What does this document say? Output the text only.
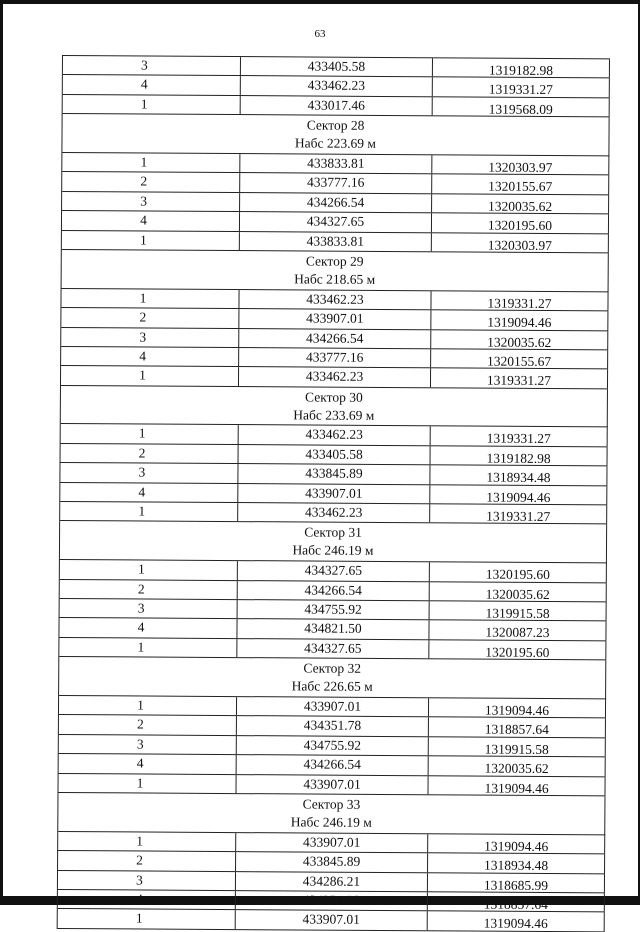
63
3	433405.58	1319182.98
4	433462.23	1319331.27
1	433017.46	1319568.09
Сектор 28
Набс 223.69 м
1	433833.81	1320303.97
2	433777.16	1320155.67
3	434266.54	1320035.62
4	434327.65	1320195.60
1	433833.81	1320303.97
Сектор 29
Набс 218.65 м
1	433462.23	1319331.27
2	433907.01	1319094.46
3	434266.54	1320035.62
4	433777.16	1320155.67
1	433462.23	1319331.27
Сектор 30
Набс 233.69 м
1	433462.23	1319331.27
2	433405.58	1319182.98
3	433845.89	1318934.48
4	433907.01	1319094.46
1	433462.23	1319331.27
Сектор 31
Набс 246.19 м
1	434327.65	1320195.60
2	434266.54	1320035.62
3	434755.92	1319915.58
4	434821.50	1320087.23
1	434327.65	1320195.60
Сектор 32
Набс 226.65 м
1	433907.01	1319094.46
2	434351.78	1318857.64
3	434755.92	1319915.58
4	434266.54	1320035.62
1	433907.01	1319094.46
Сектор 33
Набс 246.19 м
1	433907.01	1319094.46
2	433845.89	1318934.48
3	434286.21	1318685.99
4	434351.78	1318857.64
1	433907.01	1319094.46
